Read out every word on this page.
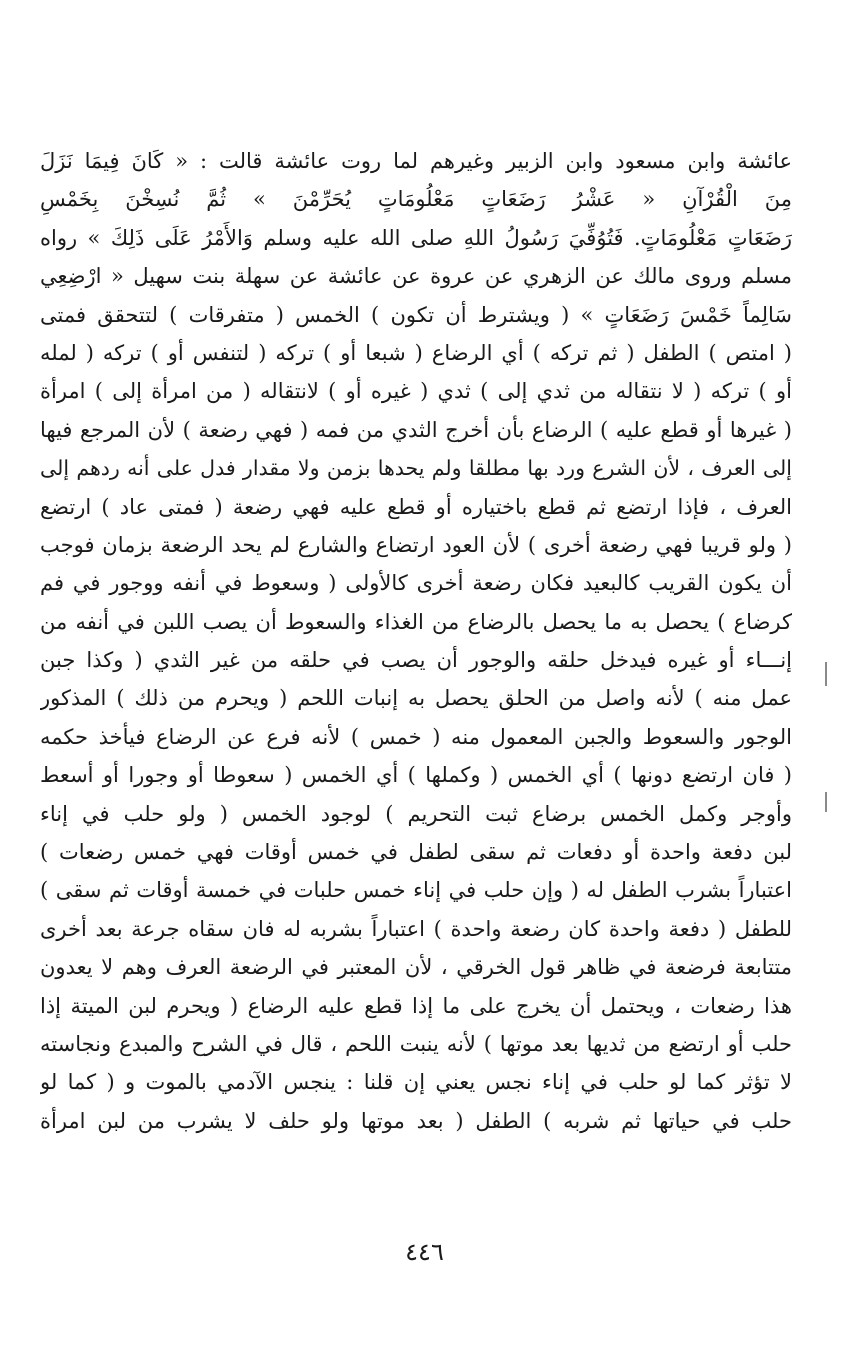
عائشة وابن مسعود وابن الزبير وغيرهم لما روت عائشة قالت : « كَانَ فِيمَا نَزَلَ
مِنَ الْقُرْآنِ « عَشْرُ رَضَعَاتٍ مَعْلُومَاتٍ يُحَرِّمْنَ » ثُمَّ نُسِخْنَ بِخَمْسِ
رَضَعَاتٍ مَعْلُومَاتٍ. فَتُوُفِّيَ رَسُولُ اللهِ صلى الله عليه وسلم وَالأَمْرُ عَلَى ذَلِكَ » رواه
مسلم وروى مالك عن الزهري عن عروة عن عائشة عن سهلة بنت سهيل « ارْضِعِي
سَالِماً خَمْسَ رَضَعَاتٍ » ( ويشترط أن تكون ) الخمس ( متفرقات ) لتتحقق فمتى
( امتص ) الطفل ( ثم تركه ) أي الرضاع ( شبعا أو ) تركه ( لتنفس أو ) تركه ( لمله
أو ) تركه ( لا نتقاله من ثدي إلى ) ثدي ( غيره أو ) لانتقاله ( من امرأة إلى ) امرأة
( غيرها أو قطع عليه ) الرضاع بأن أخرج الثدي من فمه ( فهي رضعة ) لأن المرجع فيها
إلى العرف ، لأن الشرع ورد بها مطلقا ولم يحدها بزمن ولا مقدار فدل على أنه ردهم إلى
العرف ، فإذا ارتضع ثم قطع باختياره أو قطع عليه فهي رضعة ( فمتى عاد ) ارتضع
( ولو قريبا فهي رضعة أخرى ) لأن العود ارتضاع والشارع لم يحد الرضعة بزمان فوجب
أن يكون القريب كالبعيد فكان رضعة أخرى كالأولى ( وسعوط في أنفه ووجور في فم
كرضاع ) يحصل به ما يحصل بالرضاع من الغذاء والسعوط أن يصب اللبن في أنفه من
إنـــاء أو غيره فيدخل حلقه والوجور أن يصب في حلقه من غير الثدي ( وكذا جبن
عمل منه ) لأنه واصل من الحلق يحصل به إنبات اللحم ( ويحرم من ذلك ) المذكور
الوجور والسعوط والجبن المعمول منه ( خمس ) لأنه فرع عن الرضاع فيأخذ حكمه
( فان ارتضع دونها ) أي الخمس ( وكملها ) أي الخمس ( سعوطا أو وجورا أو أسعط
وأوجر وكمل الخمس برضاع ثبت التحريم ) لوجود الخمس ( ولو حلب في إناء
لبن دفعة واحدة أو دفعات ثم سقى لطفل في خمس أوقات فهي خمس رضعات )
اعتباراً بشرب الطفل له ( وإن حلب في إناء خمس حلبات في خمسة أوقات ثم سقى )
للطفل ( دفعة واحدة كان رضعة واحدة ) اعتباراً بشربه له فان سقاه جرعة بعد أخرى
متتابعة فرضعة في ظاهر قول الخرقي ، لأن المعتبر في الرضعة العرف وهم لا يعدون
هذا رضعات ، ويحتمل أن يخرج على ما إذا قطع عليه الرضاع ( ويحرم لبن الميتة إذا
حلب أو ارتضع من ثديها بعد موتها ) لأنه ينبت اللحم ، قال في الشرح والمبدع ونجاسته
لا تؤثر كما لو حلب في إناء نجس يعني إن قلنا : ينجس الآدمي بالموت و ( كما لو
حلب في حياتها ثم شربه ) الطفل ( بعد موتها ولو حلف لا يشرب من لبن امرأة
٤٤٦
